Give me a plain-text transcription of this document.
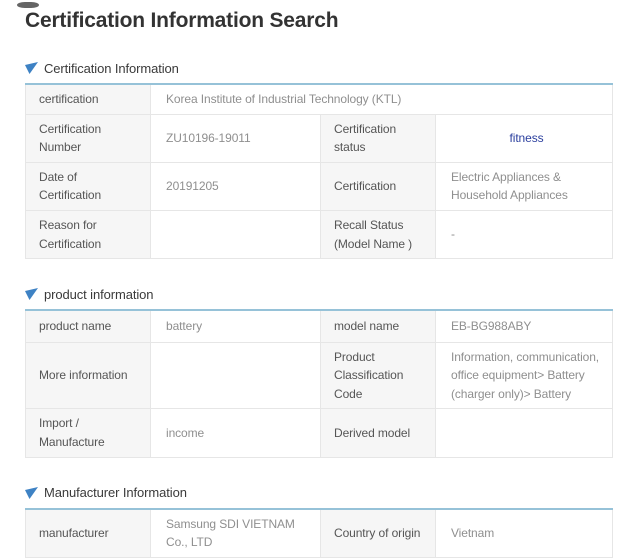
Certification Information Search
Certification Information
certification	Korea Institute of Industrial Technology (KTL)		
Certification Number	ZU10196-19011	Certification status	fitness
Date of Certification	20191205	Certification	Electric Appliances & Household Appliances
Reason for Certification		Recall Status (Model Name )	-
product information
product name	battery	model name	EB-BG988ABY
More information		Product Classification Code	Information, communication, office equipment> Battery (charger only)> Battery
Import / Manufacture	income	Derived model	
Manufacturer Information
manufacturer	Samsung SDI VIETNAM Co., LTD	Country of origin	Vietnam
